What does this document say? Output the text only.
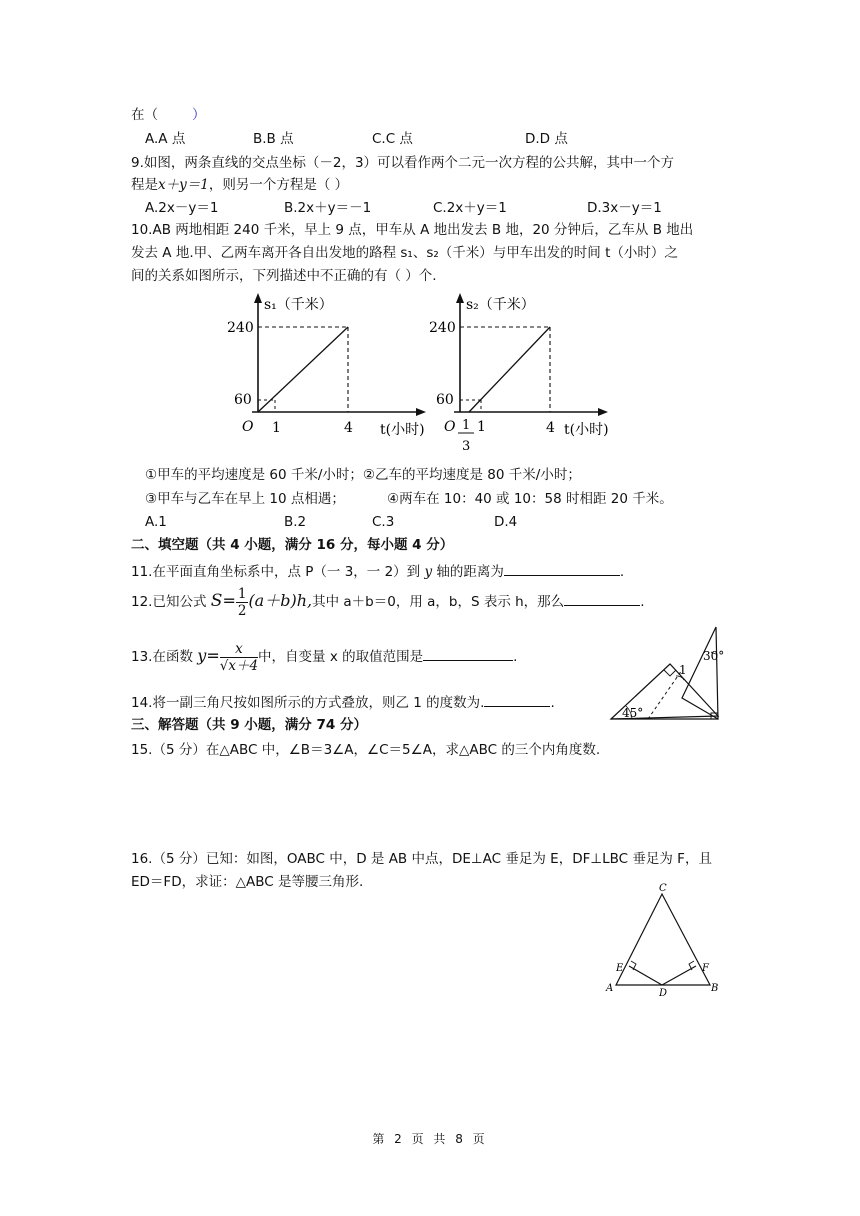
在（	）
A.A 点	B.B 点	C.C 点	D.D 点
9.如图，两条直线的交点坐标（－2，3）可以看作两个二元一次方程的公共解，其中一个方
程是x＋y＝1，则另一个方程是（ ）
A.2x－y＝1	B.2x＋y＝－1	C.2x＋y＝1	D.3x－y＝1
10.AB 两地相距 240 千米，早上 9 点，甲车从 A 地出发去 B 地，20 分钟后，乙车从 B 地出
发去 A 地.甲、乙两车离开各自出发地的路程 s₁、s₂（千米）与甲车出发的时间 t（小时）之
间的关系如图所示，下列描述中不正确的有（ ）个.
s₁（千米）
240
60
O 1	4 t(小时)
s₂（千米）
240
60
O 1
3
1	4 t(小时)
①甲车的平均速度是 60 千米/小时；②乙车的平均速度是 80 千米/小时；
③甲车与乙车在早上 10 点相遇；	④两车在 10：40 或 10：58 时相距 20 千米。
A.1	B.2	C.3	D.4
二、填空题（共 4 小题，满分 16 分，每小题 4 分）
11.在平面直角坐标系中，点 P（一 3，一 2）到 y 轴的距离为	.
12.已知公式 $S= \frac{1}{2} (a+b)h$,其中 a＋b＝0，用 a，b，S 表示 h，那么	.
13.在函数 $y= \frac{x}{√x+4}$ 中，自变量 x 的取值范围是	.
14.将一副三角尺按如图所示的方式叠放，则乙 1 的度数为.	.
30°
45°
1
三、解答题（共 9 小题，满分 74 分）
15.（5 分）在△ABC 中，∠B＝3∠A，∠C＝5∠A，求△ABC 的三个内角度数.
16.（5 分）已知：如图，OABC 中，D 是 AB 中点，DE⊥AC 垂足为 E，DF⊥LBC 垂足为 F，且
ED＝FD，求证：△ABC 是等腰三角形.	C
E	F
A	D	B
第 2 页 共 8 页
